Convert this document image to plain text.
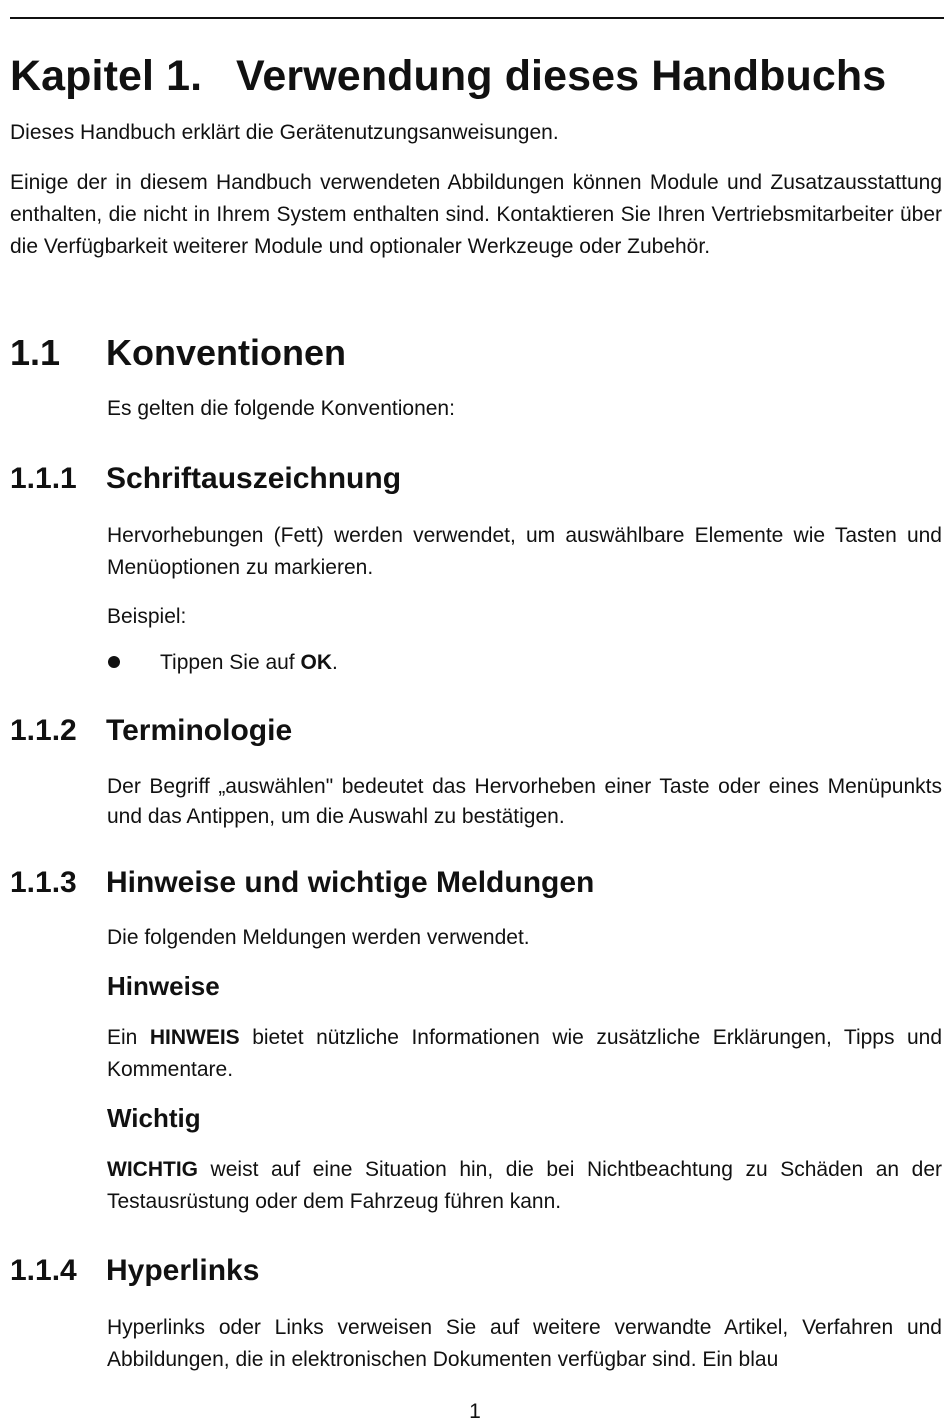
Kapitel 1. Verwendung dieses Handbuchs

Dieses Handbuch erklärt die Gerätenutzungsanweisungen.

Einige der in diesem Handbuch verwendeten Abbildungen können Module und Zusatzausstattung enthalten, die nicht in Ihrem System enthalten sind. Kontaktieren Sie Ihren Vertriebsmitarbeiter über die Verfügbarkeit weiterer Module und optionaler Werkzeuge oder Zubehör.

1.1 Konventionen

Es gelten die folgende Konventionen:

1.1.1 Schriftauszeichnung

Hervorhebungen (Fett) werden verwendet, um auswählbare Elemente wie Tasten und Menüoptionen zu markieren.

Beispiel:

Tippen Sie auf OK.
1.1.2 Terminologie

Der Begriff „auswählen" bedeutet das Hervorheben einer Taste oder eines Menüpunkts und das Antippen, um die Auswahl zu bestätigen.

1.1.3 Hinweise und wichtige Meldungen

Die folgenden Meldungen werden verwendet.

Hinweise

Ein HINWEIS bietet nützliche Informationen wie zusätzliche Erklärungen, Tipps und Kommentare.

Wichtig

WICHTIG weist auf eine Situation hin, die bei Nichtbeachtung zu Schäden an der Testausrüstung oder dem Fahrzeug führen kann.

1.1.4 Hyperlinks

Hyperlinks oder Links verweisen Sie auf weitere verwandte Artikel, Verfahren und Abbildungen, die in elektronischen Dokumenten verfügbar sind. Ein blau

1
